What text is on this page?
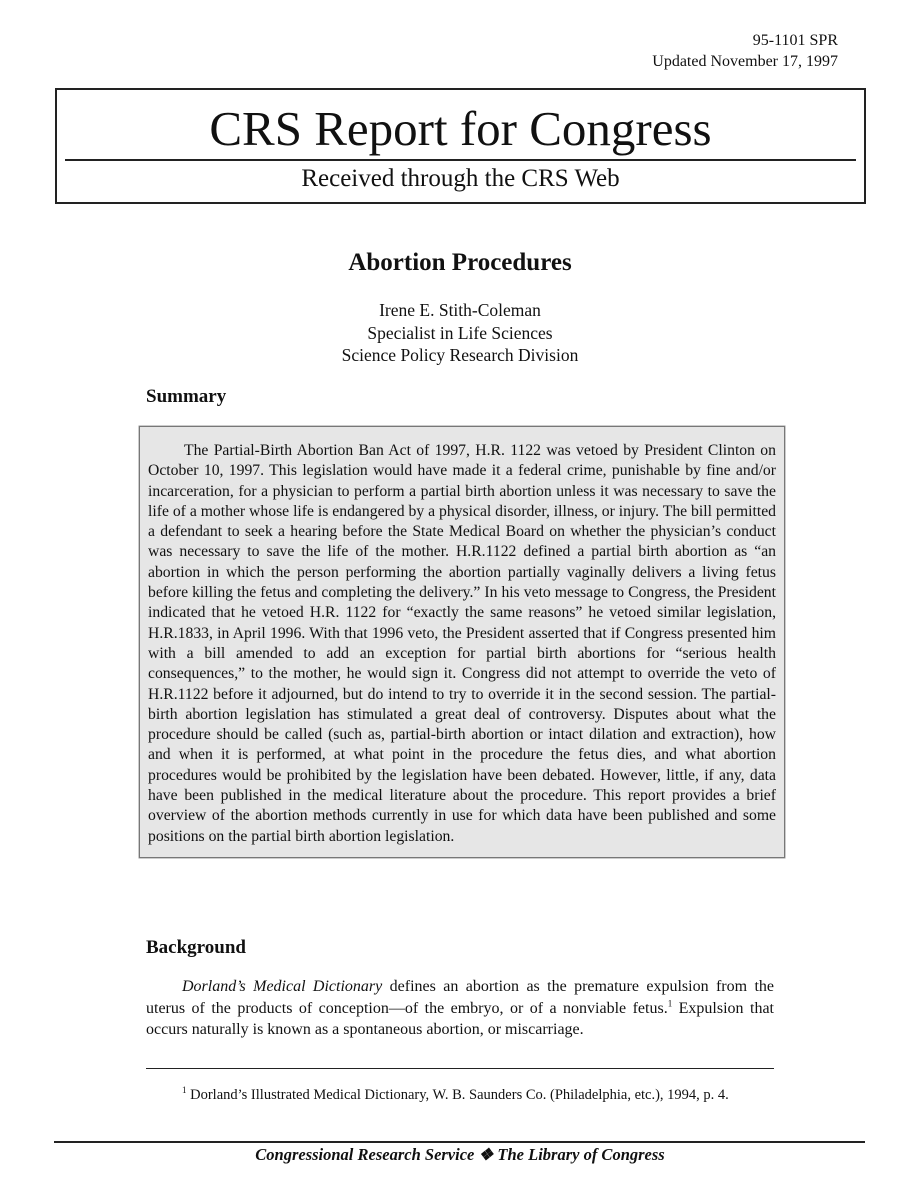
95-1101 SPR
Updated November 17, 1997
CRS Report for Congress
Received through the CRS Web
Abortion Procedures
Irene E. Stith-Coleman
Specialist in Life Sciences
Science Policy Research Division
Summary

The Partial-Birth Abortion Ban Act of 1997, H.R. 1122 was vetoed by President Clinton on October 10, 1997. This legislation would have made it a federal crime, punishable by fine and/or incarceration, for a physician to perform a partial birth abortion unless it was necessary to save the life of a mother whose life is endangered by a physical disorder, illness, or injury. The bill permitted a defendant to seek a hearing before the State Medical Board on whether the physician’s conduct was necessary to save the life of the mother. H.R.1122 defined a partial birth abortion as “an abortion in which the person performing the abortion partially vaginally delivers a living fetus before killing the fetus and completing the delivery.” In his veto message to Congress, the President indicated that he vetoed H.R. 1122 for “exactly the same reasons” he vetoed similar legislation, H.R.1833, in April 1996. With that 1996 veto, the President asserted that if Congress presented him with a bill amended to add an exception for partial birth abortions for “serious health consequences,” to the mother, he would sign it. Congress did not attempt to override the veto of H.R.1122 before it adjourned, but do intend to try to override it in the second session. The partial-birth abortion legislation has stimulated a great deal of controversy. Disputes about what the procedure should be called (such as, partial-birth abortion or intact dilation and extraction), how and when it is performed, at what point in the procedure the fetus dies, and what abortion procedures would be prohibited by the legislation have been debated. However, little, if any, data have been published in the medical literature about the procedure. This report provides a brief overview of the abortion methods currently in use for which data have been published and some positions on the partial birth abortion legislation.

Background

Dorland’s Medical Dictionary defines an abortion as the premature expulsion from the uterus of the products of conception—of the embryo, or of a nonviable fetus.$^1$ Expulsion that occurs naturally is known as a spontaneous abortion, or miscarriage.

$^1$ Dorland’s Illustrated Medical Dictionary, W. B. Saunders Co. (Philadelphia, etc.), 1994, p. 4.

Congressional Research Service ❖ The Library of Congress
